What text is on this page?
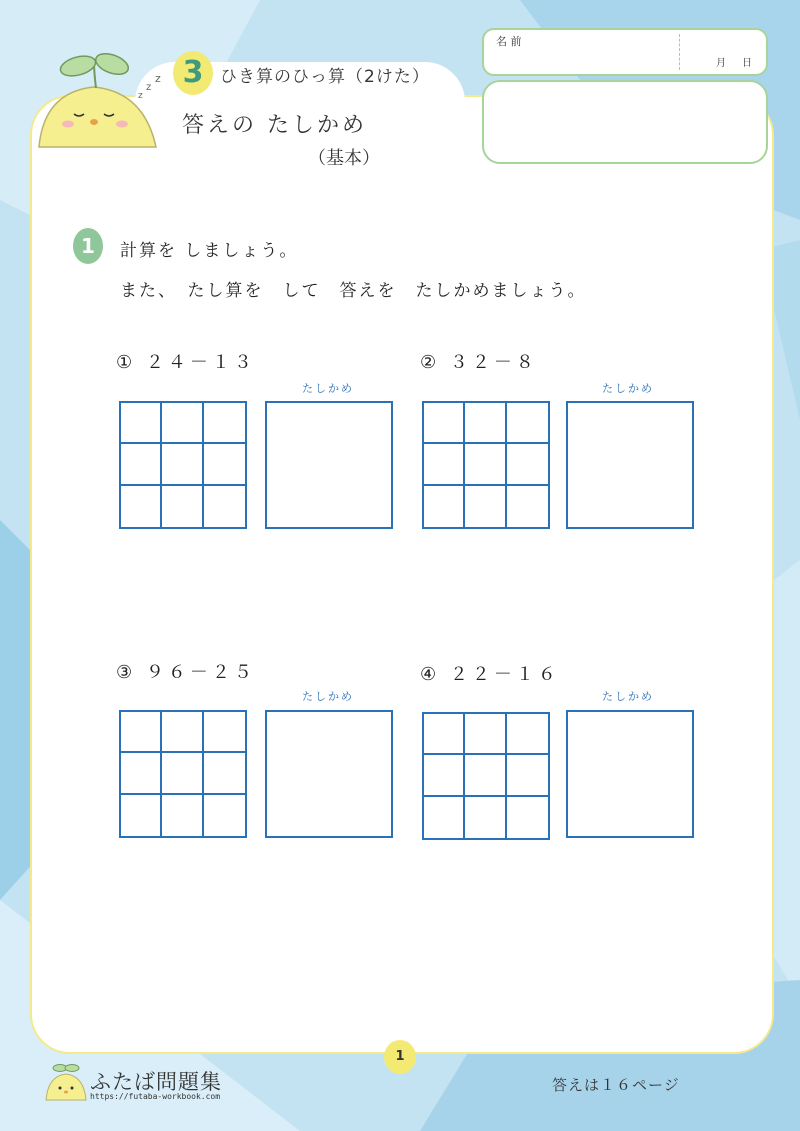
z
z
z 3 ひき算のひっ算（2けた）
答えの たしかめ
（基本）
名 前
月 日
1	計算を しましょう。
また、　たし算を　して　答えを　たしかめましょう。
① ２４－１３
たしかめ
② ３２－８
たしかめ
③ ９６－２５
たしかめ
④ ２２－１６
たしかめ
1
ふたば問題集
https://futaba-workbook.com
答えは１６ページ
